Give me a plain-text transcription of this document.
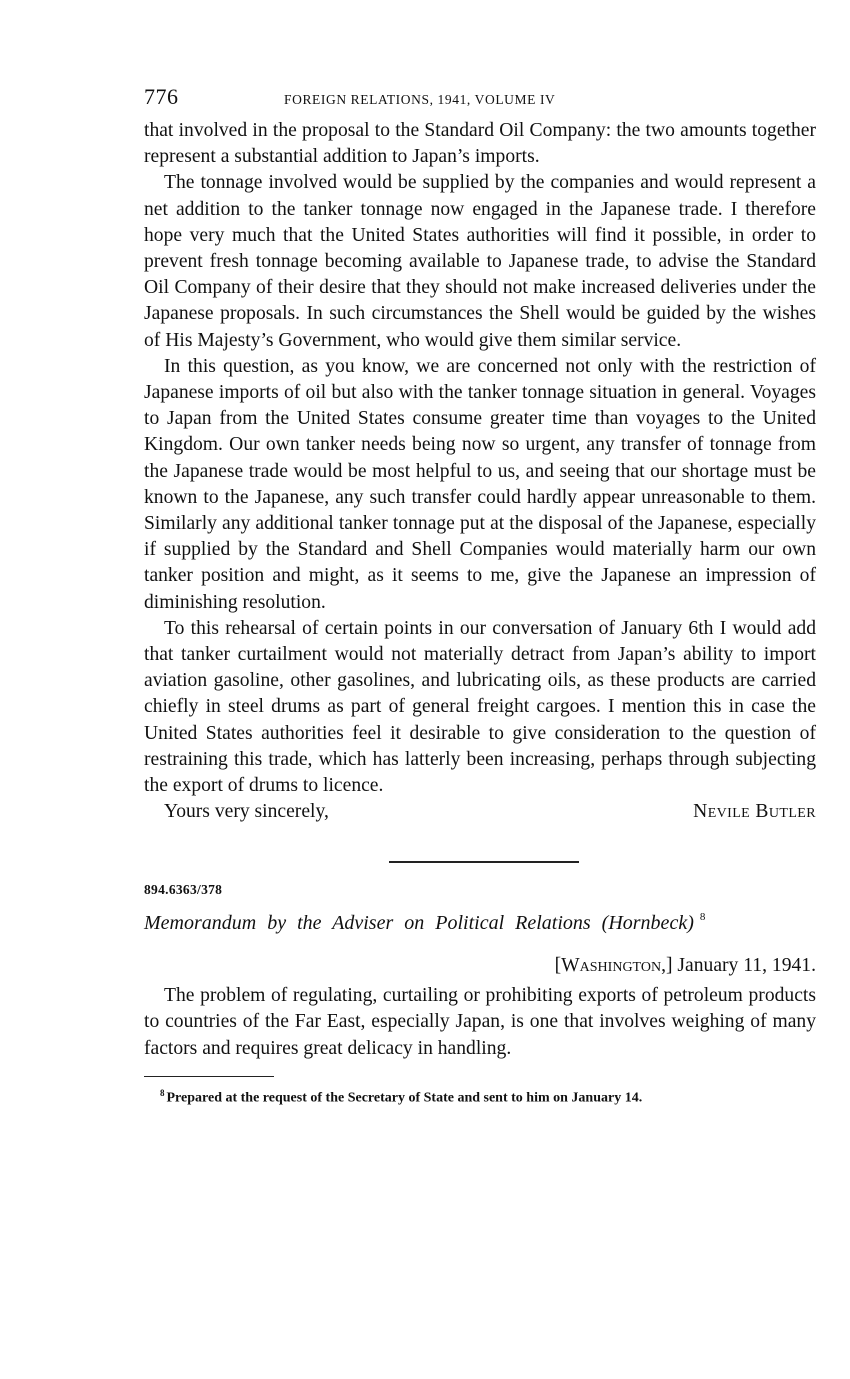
776	FOREIGN RELATIONS, 1941, VOLUME IV

that involved in the proposal to the Standard Oil Company: the two amounts together represent a substantial addition to Japan’s imports.

The tonnage involved would be supplied by the companies and would represent a net addition to the tanker tonnage now engaged in the Japanese trade. I therefore hope very much that the United States authorities will find it possible, in order to prevent fresh tonnage becoming available to Japanese trade, to advise the Standard Oil Company of their desire that they should not make increased deliveries under the Japanese proposals. In such circumstances the Shell would be guided by the wishes of His Majesty’s Government, who would give them similar service.

In this question, as you know, we are concerned not only with the restriction of Japanese imports of oil but also with the tanker tonnage situation in general. Voyages to Japan from the United States consume greater time than voyages to the United Kingdom. Our own tanker needs being now so urgent, any transfer of tonnage from the Japanese trade would be most helpful to us, and seeing that our shortage must be known to the Japanese, any such transfer could hardly appear unreasonable to them. Similarly any additional tanker tonnage put at the disposal of the Japanese, especially if supplied by the Standard and Shell Companies would materially harm our own tanker position and might, as it seems to me, give the Japanese an impression of diminishing resolution.

To this rehearsal of certain points in our conversation of January 6th I would add that tanker curtailment would not materially detract from Japan’s ability to import aviation gasoline, other gasolines, and lubricating oils, as these products are carried chiefly in steel drums as part of general freight cargoes. I mention this in case the United States authorities feel it desirable to give consideration to the question of restraining this trade, which has latterly been increasing, perhaps through subjecting the export of drums to licence.

Yours very sincerely,	Nevile Butler
894.6363/378
Memorandum by the Adviser on Political Relations (Hornbeck) $^8$
[Washington,] January 11, 1941.

The problem of regulating, curtailing or prohibiting exports of petroleum products to countries of the Far East, especially Japan, is one that involves weighing of many factors and requires great delicacy in handling.

$^8$ Prepared at the request of the Secretary of State and sent to him on January 14.
